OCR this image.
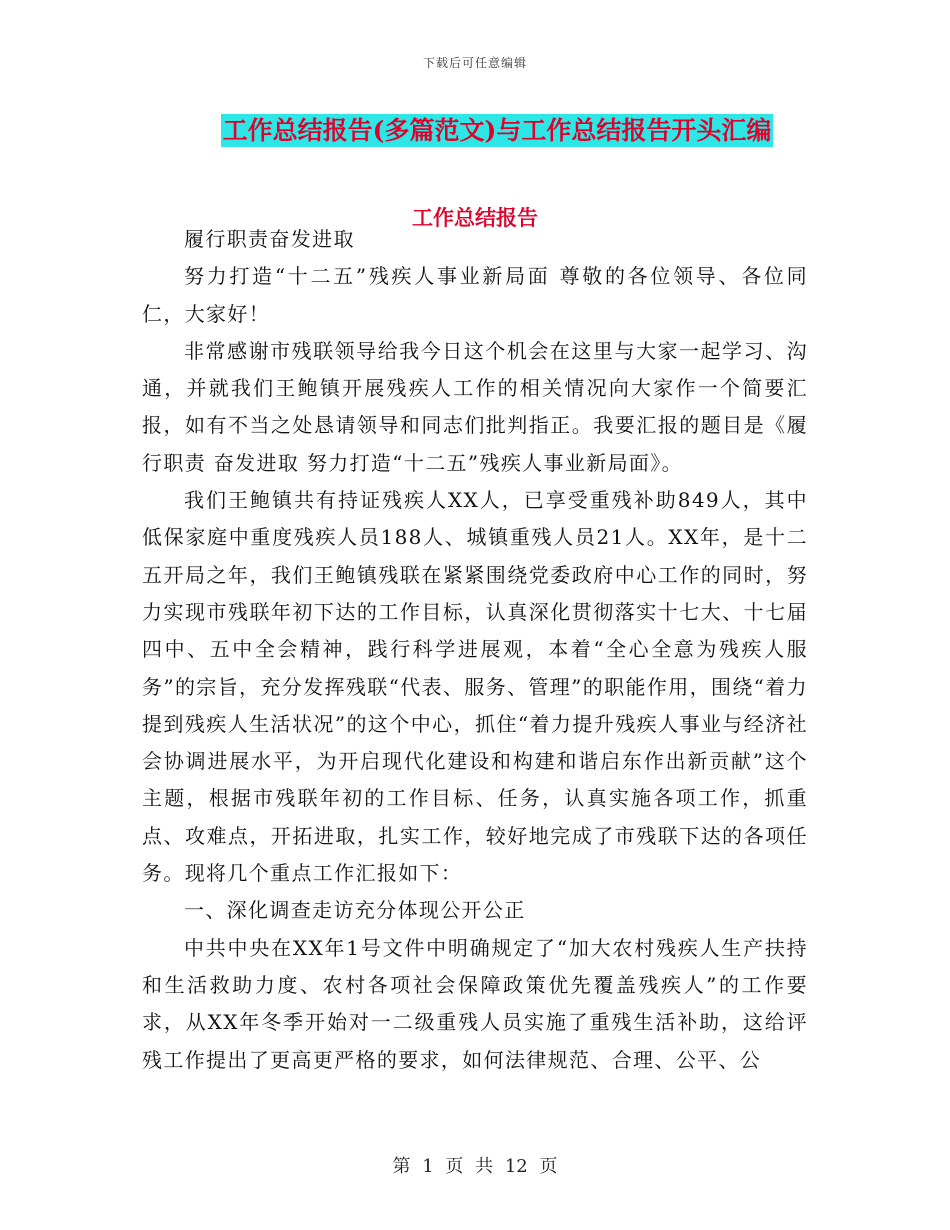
下载后可任意编辑
工作总结报告(多篇范文)与工作总结报告开头汇编
工作总结报告

履行职责奋发进取

努力打造“十二五”残疾人事业新局面 尊敬的各位领导、各位同仁，大家好！

非常感谢市残联领导给我今日这个机会在这里与大家一起学习、沟通，并就我们王鲍镇开展残疾人工作的相关情况向大家作一个简要汇报，如有不当之处恳请领导和同志们批判指正。我要汇报的题目是《履行职责 奋发进取 努力打造“十二五”残疾人事业新局面》。

我们王鲍镇共有持证残疾人XX人，已享受重残补助849人，其中低保家庭中重度残疾人员188人、城镇重残人员21人。XX年，是十二五开局之年，我们王鲍镇残联在紧紧围绕党委政府中心工作的同时，努力实现市残联年初下达的工作目标，认真深化贯彻落实十七大、十七届四中、五中全会精神，践行科学进展观，本着“全心全意为残疾人服务”的宗旨，充分发挥残联“代表、服务、管理”的职能作用，围绕“着力提到残疾人生活状况”的这个中心，抓住“着力提升残疾人事业与经济社会协调进展水平，为开启现代化建设和构建和谐启东作出新贡献”这个主题，根据市残联年初的工作目标、任务，认真实施各项工作，抓重点、攻难点，开拓进取，扎实工作，较好地完成了市残联下达的各项任务。现将几个重点工作汇报如下：

一、深化调查走访充分体现公开公正

中共中央在XX年1号文件中明确规定了“加大农村残疾人生产扶持和生活救助力度、农村各项社会保障政策优先覆盖残疾人”的工作要求，从XX年冬季开始对一二级重残人员实施了重残生活补助，这给评残工作提出了更高更严格的要求，如何法律规范、合理、公平、公

第 1 页 共 12 页
